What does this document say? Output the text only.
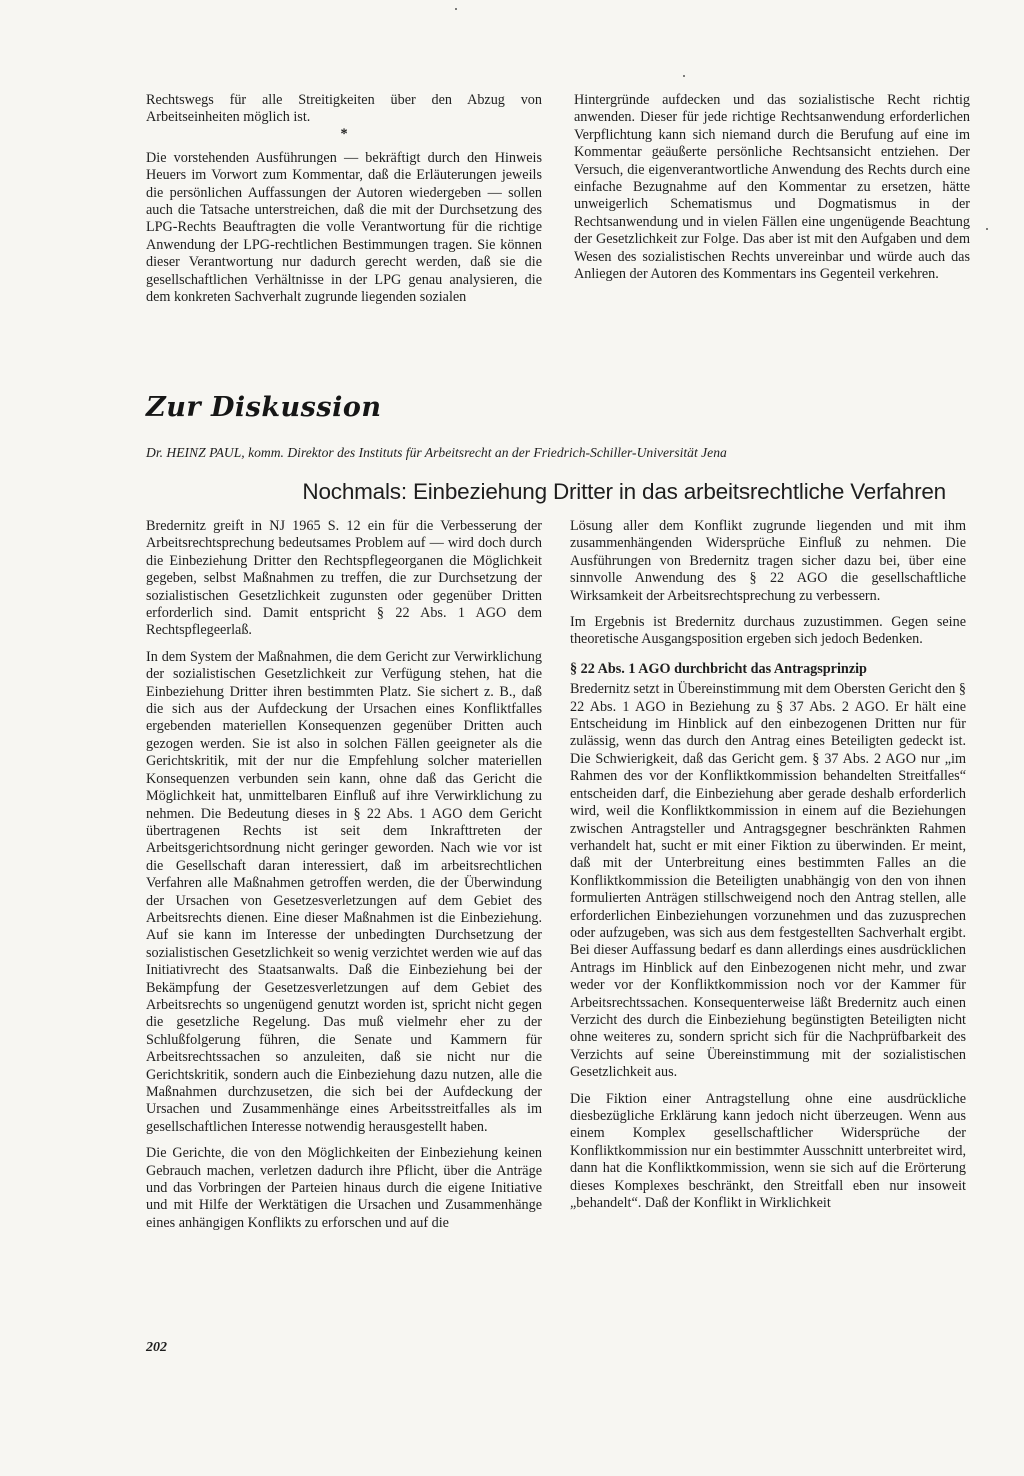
Rechtswegs für alle Streitigkeiten über den Abzug von Arbeitseinheiten möglich ist.

*

Die vorstehenden Ausführungen — bekräftigt durch den Hinweis Heuers im Vorwort zum Kommentar, daß die Erläuterungen jeweils die persönlichen Auffassungen der Autoren wiedergeben — sollen auch die Tatsache unterstreichen, daß die mit der Durchsetzung des LPG-Rechts Beauftragten die volle Verantwortung für die richtige Anwendung der LPG-rechtlichen Bestimmungen tragen. Sie können dieser Verantwortung nur dadurch gerecht werden, daß sie die gesellschaftlichen Verhältnisse in der LPG genau analysieren, die dem konkreten Sachverhalt zugrunde liegenden sozialen

Hintergründe aufdecken und das sozialistische Recht richtig anwenden. Dieser für jede richtige Rechtsanwendung erforderlichen Verpflichtung kann sich niemand durch die Berufung auf eine im Kommentar geäußerte persönliche Rechtsansicht entziehen. Der Versuch, die eigenverantwortliche Anwendung des Rechts durch eine einfache Bezugnahme auf den Kommentar zu ersetzen, hätte unweigerlich Schematismus und Dogmatismus in der Rechtsanwendung und in vielen Fällen eine ungenügende Beachtung der Gesetzlichkeit zur Folge. Das aber ist mit den Aufgaben und dem Wesen des sozialistischen Rechts unvereinbar und würde auch das Anliegen der Autoren des Kommentars ins Gegenteil verkehren.

Zur Diskussion
Dr. HEINZ PAUL, komm. Direktor des Instituts für Arbeitsrecht an der Friedrich-Schiller-Universität Jena
Nochmals: Einbeziehung Dritter in das arbeitsrechtliche Verfahren

Bredernitz greift in NJ 1965 S. 12 ein für die Verbesserung der Arbeitsrechtsprechung bedeutsames Problem auf — wird doch durch die Einbeziehung Dritter den Rechtspflegeorganen die Möglichkeit gegeben, selbst Maßnahmen zu treffen, die zur Durchsetzung der sozialistischen Gesetzlichkeit zugunsten oder gegenüber Dritten erforderlich sind. Damit entspricht § 22 Abs. 1 AGO dem Rechtspflegeerlaß.

In dem System der Maßnahmen, die dem Gericht zur Verwirklichung der sozialistischen Gesetzlichkeit zur Verfügung stehen, hat die Einbeziehung Dritter ihren bestimmten Platz. Sie sichert z. B., daß die sich aus der Aufdeckung der Ursachen eines Konfliktfalles ergebenden materiellen Konsequenzen gegenüber Dritten auch gezogen werden. Sie ist also in solchen Fällen geeigneter als die Gerichtskritik, mit der nur die Empfehlung solcher materiellen Konsequenzen verbunden sein kann, ohne daß das Gericht die Möglichkeit hat, unmittelbaren Einfluß auf ihre Verwirklichung zu nehmen. Die Bedeutung dieses in § 22 Abs. 1 AGO dem Gericht übertragenen Rechts ist seit dem Inkrafttreten der Arbeitsgerichtsordnung nicht geringer geworden. Nach wie vor ist die Gesellschaft daran interessiert, daß im arbeitsrechtlichen Verfahren alle Maßnahmen getroffen werden, die der Überwindung der Ursachen von Gesetzesverletzungen auf dem Gebiet des Arbeitsrechts dienen. Eine dieser Maßnahmen ist die Einbeziehung. Auf sie kann im Interesse der unbedingten Durchsetzung der sozialistischen Gesetzlichkeit so wenig verzichtet werden wie auf das Initiativrecht des Staatsanwalts. Daß die Einbeziehung bei der Bekämpfung der Gesetzesverletzungen auf dem Gebiet des Arbeitsrechts so ungenügend genutzt worden ist, spricht nicht gegen die gesetzliche Regelung. Das muß vielmehr eher zu der Schlußfolgerung führen, die Senate und Kammern für Arbeitsrechtssachen so anzuleiten, daß sie nicht nur die Gerichtskritik, sondern auch die Einbeziehung dazu nutzen, alle die Maßnahmen durchzusetzen, die sich bei der Aufdeckung der Ursachen und Zusammenhänge eines Arbeitsstreitfalles als im gesellschaftlichen Interesse notwendig herausgestellt haben.

Die Gerichte, die von den Möglichkeiten der Einbeziehung keinen Gebrauch machen, verletzen dadurch ihre Pflicht, über die Anträge und das Vorbringen der Parteien hinaus durch die eigene Initiative und mit Hilfe der Werktätigen die Ursachen und Zusammenhänge eines anhängigen Konflikts zu erforschen und auf die

Lösung aller dem Konflikt zugrunde liegenden und mit ihm zusammenhängenden Widersprüche Einfluß zu nehmen. Die Ausführungen von Bredernitz tragen sicher dazu bei, über eine sinnvolle Anwendung des § 22 AGO die gesellschaftliche Wirksamkeit der Arbeitsrechtsprechung zu verbessern.

Im Ergebnis ist Bredernitz durchaus zuzustimmen. Gegen seine theoretische Ausgangsposition ergeben sich jedoch Bedenken.

§ 22 Abs. 1 AGO durchbricht das Antragsprinzip

Bredernitz setzt in Übereinstimmung mit dem Obersten Gericht den § 22 Abs. 1 AGO in Beziehung zu § 37 Abs. 2 AGO. Er hält eine Entscheidung im Hinblick auf den einbezogenen Dritten nur für zulässig, wenn das durch den Antrag eines Beteiligten gedeckt ist. Die Schwierigkeit, daß das Gericht gem. § 37 Abs. 2 AGO nur „im Rahmen des vor der Konfliktkommission behandelten Streitfalles“ entscheiden darf, die Einbeziehung aber gerade deshalb erforderlich wird, weil die Konfliktkommission in einem auf die Beziehungen zwischen Antragsteller und Antragsgegner beschränkten Rahmen verhandelt hat, sucht er mit einer Fiktion zu überwinden. Er meint, daß mit der Unterbreitung eines bestimmten Falles an die Konfliktkommission die Beteiligten unabhängig von den von ihnen formulierten Anträgen stillschweigend noch den Antrag stellen, alle erforderlichen Einbeziehungen vorzunehmen und das zuzusprechen oder aufzugeben, was sich aus dem festgestellten Sachverhalt ergibt. Bei dieser Auffassung bedarf es dann allerdings eines ausdrücklichen Antrags im Hinblick auf den Einbezogenen nicht mehr, und zwar weder vor der Konfliktkommission noch vor der Kammer für Arbeitsrechtssachen. Konsequenterweise läßt Bredernitz auch einen Verzicht des durch die Einbeziehung begünstigten Beteiligten nicht ohne weiteres zu, sondern spricht sich für die Nachprüfbarkeit des Verzichts auf seine Übereinstimmung mit der sozialistischen Gesetzlichkeit aus.

Die Fiktion einer Antragstellung ohne eine ausdrückliche diesbezügliche Erklärung kann jedoch nicht überzeugen. Wenn aus einem Komplex gesellschaftlicher Widersprüche der Konfliktkommission nur ein bestimmter Ausschnitt unterbreitet wird, dann hat die Konfliktkommission, wenn sie sich auf die Erörterung dieses Komplexes beschränkt, den Streitfall eben nur insoweit „behandelt“. Daß der Konflikt in Wirklichkeit

202
